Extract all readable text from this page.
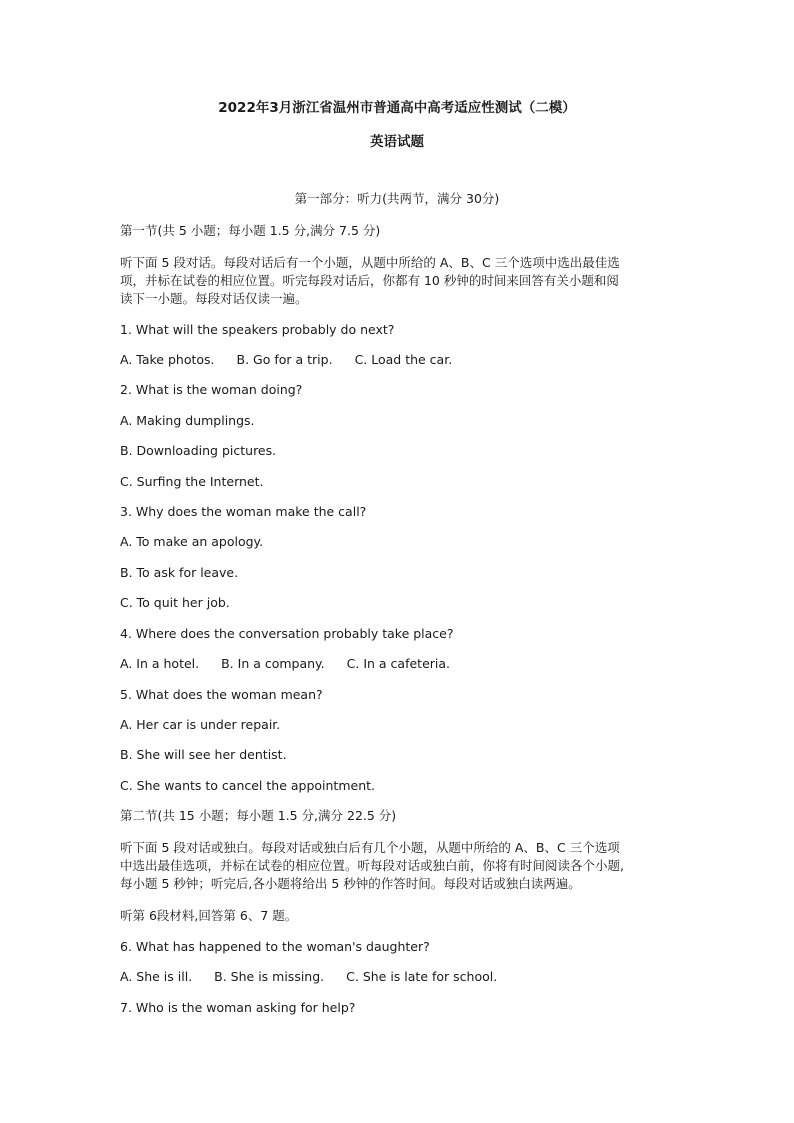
2022年3月浙江省温州市普通高中高考适应性测试（二模）
英语试题

第一部分：听力(共两节，满分 30分)

第一节(共 5 小题；每小题 1.5 分,满分 7.5 分)

听下面 5 段对话。每段对话后有一个小题，从题中所给的 A、B、C 三个选项中选出最佳选
项，并标在试卷的相应位置。听完每段对话后，你都有 10 秒钟的时间来回答有关小题和阅
读下一小题。每段对话仅读一遍。

1. What will the speakers probably do next?

A. Take photos. B. Go for a trip. C. Load the car.

2. What is the woman doing?

A. Making dumplings.

B. Downloading pictures.

C. Surfing the Internet.

3. Why does the woman make the call?

A. To make an apology.

B. To ask for leave.

C. To quit her job.

4. Where does the conversation probably take place?

A. In a hotel. B. In a company. C. In a cafeteria.

5. What does the woman mean?

A. Her car is under repair.

B. She will see her dentist.

C. She wants to cancel the appointment.

第二节(共 15 小题；每小题 1.5 分,满分 22.5 分)

听下面 5 段对话或独白。每段对话或独白后有几个小题，从题中所给的 A、B、C 三个选项
中选出最佳选项，并标在试卷的相应位置。听每段对话或独白前，你将有时间阅读各个小题,
每小题 5 秒钟；听完后,各小题将给出 5 秒钟的作答时间。每段对话或独白读两遍。

听第 6段材料,回答第 6、7 题。

6. What has happened to the woman's daughter?

A. She is ill. B. She is missing. C. She is late for school.

7. Who is the woman asking for help?
